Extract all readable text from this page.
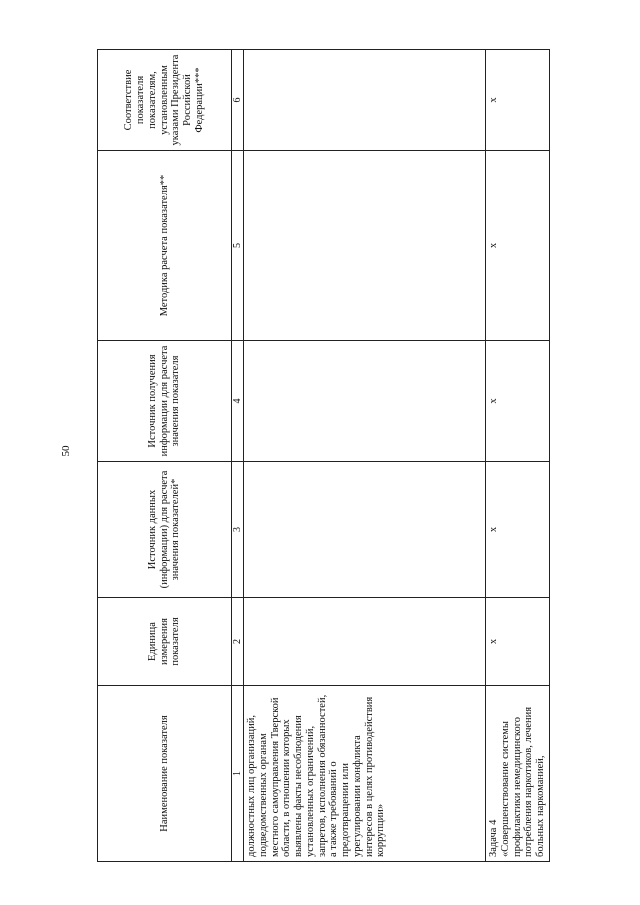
50
Наименование показателя	Единица измерения показателя	Источник данных (информации) для расчета значения показателей*	Источник получения информации для расчета значения показателя	Методика расчета показателя**	Соответствие показателя показателям, установленным указами Президента Российской Федерации***
1	2	3	4	5	6
должностных лиц организаций, подведомственных органам местного самоуправления Тверской области, в отношении которых выявлены факты несоблюдения установленных ограничений, запретов, исполнения обязанностей, а также требований о предотвращении или урегулировании конфликта интересов в целях противодействия коррупции»					
Задача 4
«Совершенствование системы профилактики немедицинского потребления наркотиков, лечения больных наркоманией,	x	x	x	x	x
